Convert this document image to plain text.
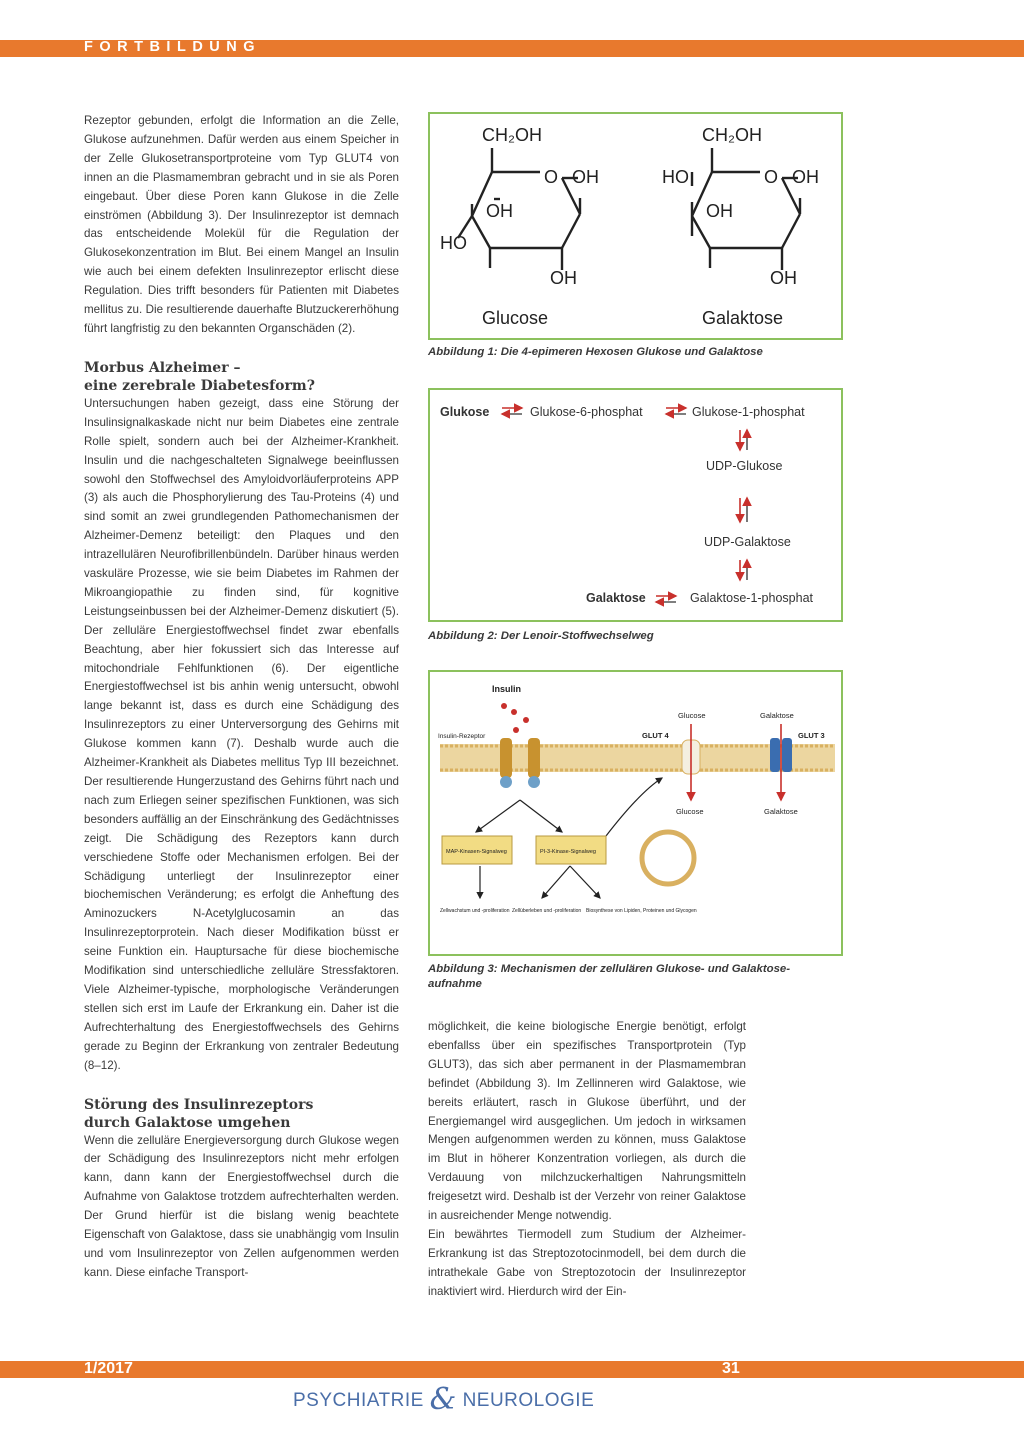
FORTBILDUNG

Rezeptor gebunden, erfolgt die Information an die Zelle, Glukose aufzunehmen. Dafür werden aus einem Speicher in der Zelle Glukosetransportproteine vom Typ GLUT4 von innen an die Plasmamembran gebracht und in sie als Poren eingebaut. Über diese Poren kann Glukose in die Zelle einströmen (Abbildung 3). Der Insulinrezeptor ist demnach das entscheidende Molekül für die Regulation der Glukosekonzentration im Blut. Bei einem Mangel an Insulin wie auch bei einem defekten Insulinrezeptor erlischt diese Regulation. Dies trifft besonders für Patienten mit Diabetes mellitus zu. Die resultierende dauerhafte Blutzuckererhöhung führt langfristig zu den bekannten Organschäden (2).

Morbus Alzheimer –
eine zerebrale Diabetesform?

Untersuchungen haben gezeigt, dass eine Störung der Insulinsignalkaskade nicht nur beim Diabetes eine zentrale Rolle spielt, sondern auch bei der Alzheimer-Krankheit. Insulin und die nachgeschalteten Signalwege beeinflussen sowohl den Stoffwechsel des Amyloidvorläuferproteins APP (3) als auch die Phosphorylierung des Tau-Proteins (4) und sind somit an zwei grundlegenden Pathomechanismen der Alzheimer-Demenz beteiligt: den Plaques und den intrazellulären Neurofibrillenbündeln. Darüber hinaus werden vaskuläre Prozesse, wie sie beim Diabetes im Rahmen der Mikroangiopathie zu finden sind, für kognitive Leistungseinbussen bei der Alzheimer-Demenz diskutiert (5). Der zelluläre Energiestoffwechsel findet zwar ebenfalls Beachtung, aber hier fokussiert sich das Interesse auf mitochondriale Fehlfunktionen (6). Der eigentliche Energiestoffwechsel ist bis anhin wenig untersucht, obwohl lange bekannt ist, dass es durch eine Schädigung des Insulinrezeptors zu einer Unterversorgung des Gehirns mit Glukose kommen kann (7). Deshalb wurde auch die Alzheimer-Krankheit als Diabetes mellitus Typ III bezeichnet. Der resultierende Hungerzustand des Gehirns führt nach und nach zum Erliegen seiner spezifischen Funktionen, was sich besonders auffällig an der Einschränkung des Gedächtnisses zeigt. Die Schädigung des Rezeptors kann durch verschiedene Stoffe oder Mechanismen erfolgen. Bei der Schädigung unterliegt der Insulinrezeptor einer biochemischen Veränderung; es erfolgt die Anheftung des Aminozuckers N-Acetylglucosamin an das Insulinrezeptorprotein. Nach dieser Modifikation büsst er seine Funktion ein. Hauptursache für diese biochemische Modifikation sind unterschiedliche zelluläre Stressfaktoren. Viele Alzheimer-typische, morphologische Veränderungen stellen sich erst im Laufe der Erkrankung ein. Daher ist die Aufrechterhaltung des Energiestoffwechsels des Gehirns gerade zu Beginn der Erkrankung von zentraler Bedeutung (8–12).

Störung des Insulinrezeptors
durch Galaktose umgehen

Wenn die zelluläre Energieversorgung durch Glukose wegen der Schädigung des Insulinrezeptors nicht mehr erfolgen kann, dann kann der Energiestoffwechsel durch die Aufnahme von Galaktose trotzdem aufrechterhalten werden. Der Grund hierfür ist die bislang wenig beachtete Eigenschaft von Galaktose, dass sie unabhängig vom Insulin und vom Insulinrezeptor von Zellen aufgenommen werden kann. Diese einfache Transport-

CH₂OH
O OH
OH
HO
OH
CH₂OH
HO	O OH
OH
OH
Glucose	Galaktose
Abbildung 1: Die 4-epimeren Hexosen Glukose und Galaktose
Glukose	Glukose-6-phosphat	Glukose-1-phosphat
UDP-Glukose
UDP-Galaktose
Galaktose	Galaktose-1-phosphat
Abbildung 2: Der Lenoir-Stoffwechselweg
Insulin
Insulin-Rezeptor
Glucose	Galaktose
GLUT 4	GLUT 3
Glucose	Galaktose
MAP-Kinasen-Signalweg	PI-3-Kinase-Signalweg
Zellwachstum und -proliferation Zellüberleben und -proliferation Biosynthese von Lipiden, Proteinen und Glycogen
Abbildung 3: Mechanismen der zellulären Glukose- und Galaktose-
aufnahme

möglichkeit, die keine biologische Energie benötigt, erfolgt ebenfallss über ein spezifisches Transportprotein (Typ GLUT3), das sich aber permanent in der Plasmamembran befindet (Abbildung 3). Im Zellinneren wird Galaktose, wie bereits erläutert, rasch in Glukose überführt, und der Energiemangel wird ausgeglichen. Um jedoch in wirksamen Mengen aufgenommen werden zu können, muss Galaktose im Blut in höherer Konzentration vorliegen, als durch die Verdauung von milchzuckerhaltigen Nahrungsmitteln freigesetzt wird. Deshalb ist der Verzehr von reiner Galaktose in ausreichender Menge notwendig.

Ein bewährtes Tiermodell zum Studium der Alzheimer-Erkrankung ist das Streptozotocinmodell, bei dem durch die intrathekale Gabe von Streptozotocin der Insulinrezeptor inaktiviert wird. Hierdurch wird der Ein-

1/2017	31
PSYCHIATRIE & NEUROLOGIE
